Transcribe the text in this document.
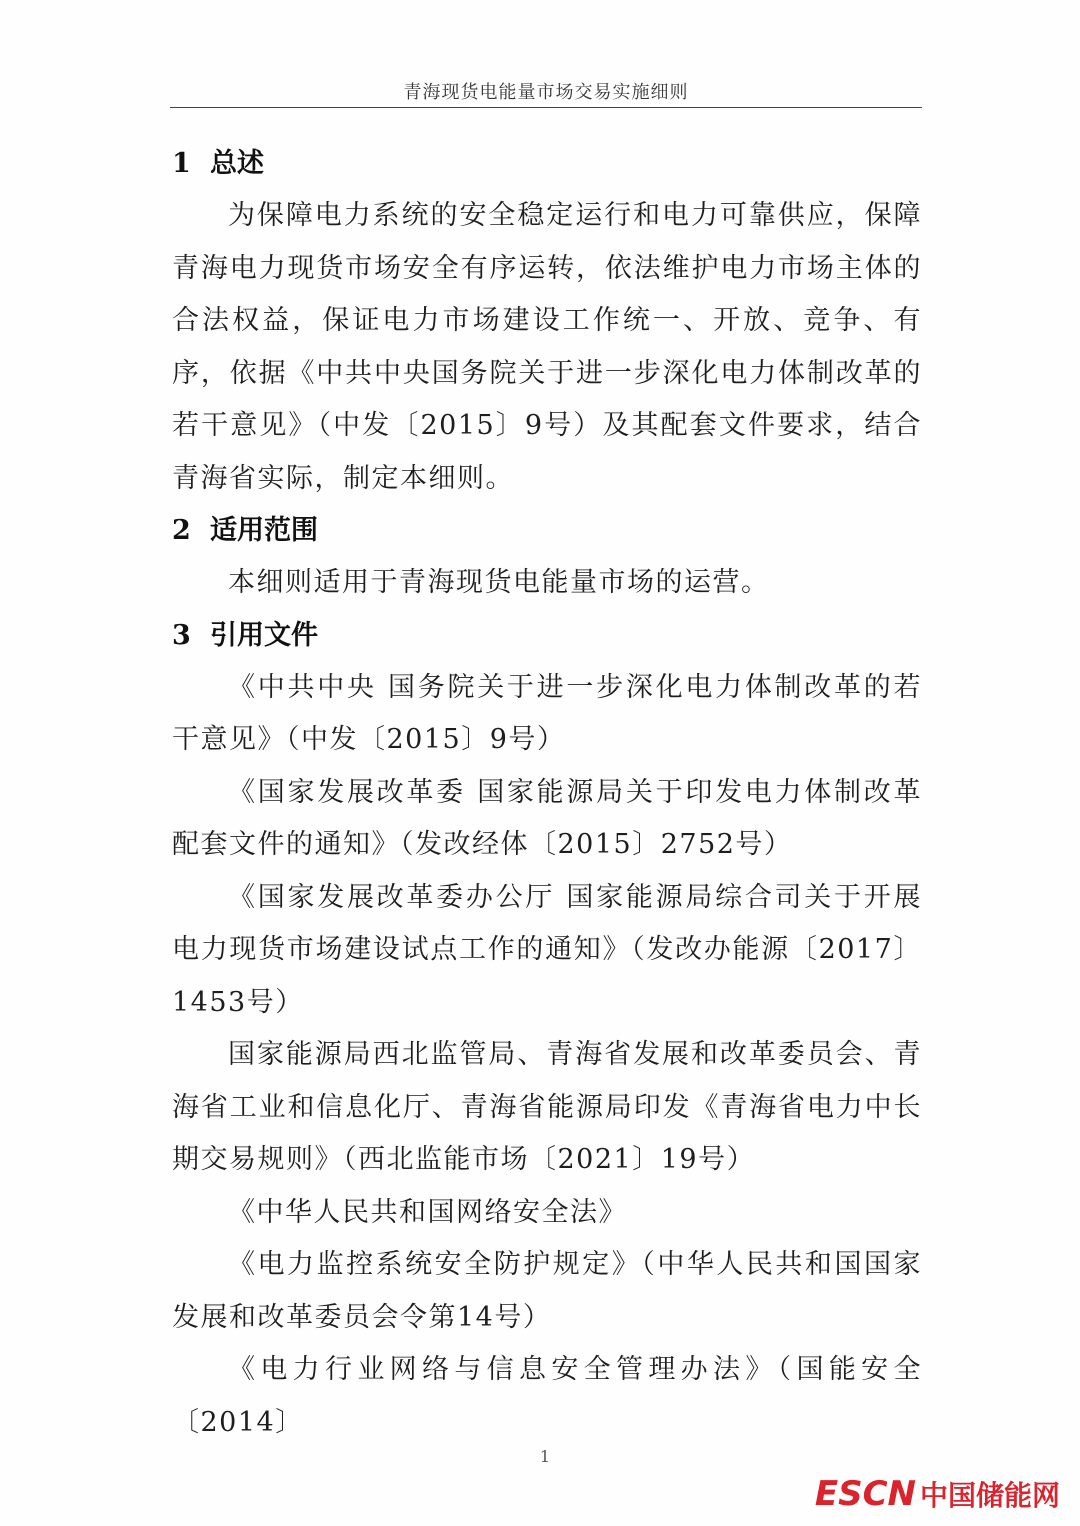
青海现货电能量市场交易实施细则
1 总述

为保障电力系统的安全稳定运行和电力可靠供应，保障青海电力现货市场安全有序运转，依法维护电力市场主体的合法权益，保证电力市场建设工作统一、开放、竞争、有序，依据《中共中央国务院关于进一步深化电力体制改革的若干意见》（中发〔2015〕9号）及其配套文件要求，结合青海省实际，制定本细则。

2 适用范围

本细则适用于青海现货电能量市场的运营。

3 引用文件

《中共中央 国务院关于进一步深化电力体制改革的若干意见》（中发〔2015〕9号）

《国家发展改革委 国家能源局关于印发电力体制改革配套文件的通知》（发改经体〔2015〕2752号）

《国家发展改革委办公厅 国家能源局综合司关于开展电力现货市场建设试点工作的通知》（发改办能源〔2017〕1453号）

国家能源局西北监管局、青海省发展和改革委员会、青海省工业和信息化厅、青海省能源局印发《青海省电力中长期交易规则》（西北监能市场〔2021〕19号）

《中华人民共和国网络安全法》

《电力监控系统安全防护规定》（中华人民共和国国家发展和改革委员会令第14号）

《电力行业网络与信息安全管理办法》（国能安全〔2014〕

1
ESCN 中国储能网
